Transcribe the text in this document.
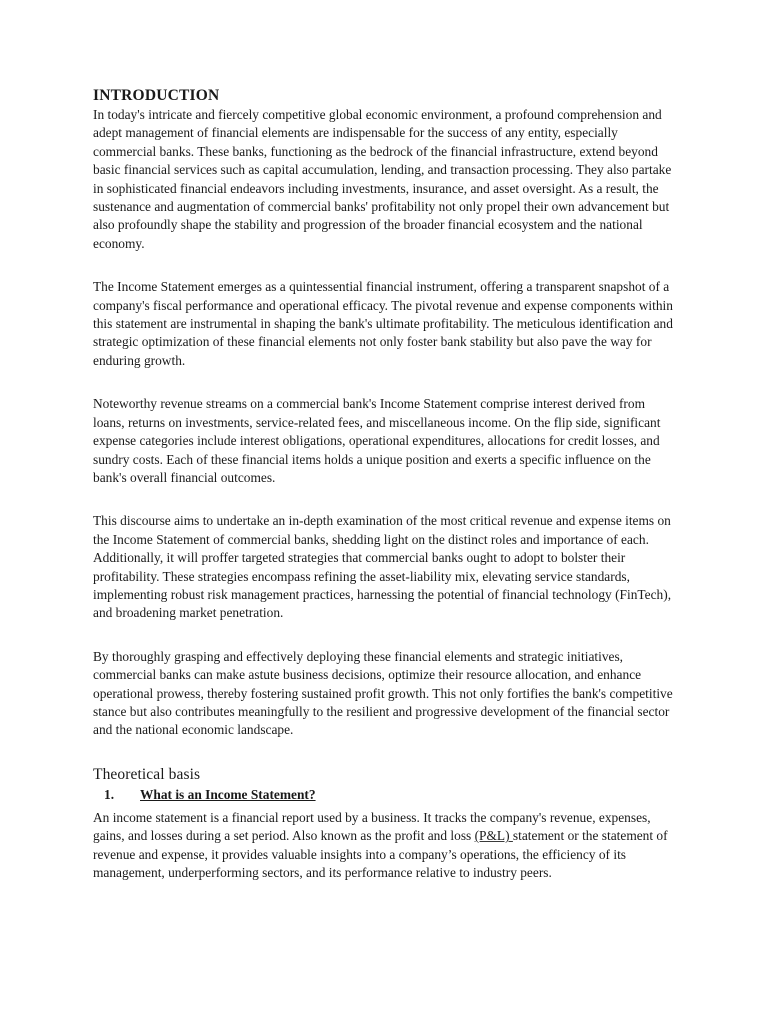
INTRODUCTION

In today's intricate and fiercely competitive global economic environment, a profound comprehension and adept management of financial elements are indispensable for the success of any entity, especially commercial banks. These banks, functioning as the bedrock of the financial infrastructure, extend beyond basic financial services such as capital accumulation, lending, and transaction processing. They also partake in sophisticated financial endeavors including investments, insurance, and asset oversight. As a result, the sustenance and augmentation of commercial banks' profitability not only propel their own advancement but also profoundly shape the stability and progression of the broader financial ecosystem and the national economy.

The Income Statement emerges as a quintessential financial instrument, offering a transparent snapshot of a company's fiscal performance and operational efficacy. The pivotal revenue and expense components within this statement are instrumental in shaping the bank's ultimate profitability. The meticulous identification and strategic optimization of these financial elements not only foster bank stability but also pave the way for enduring growth.

Noteworthy revenue streams on a commercial bank's Income Statement comprise interest derived from loans, returns on investments, service-related fees, and miscellaneous income. On the flip side, significant expense categories include interest obligations, operational expenditures, allocations for credit losses, and sundry costs. Each of these financial items holds a unique position and exerts a specific influence on the bank's overall financial outcomes.

This discourse aims to undertake an in-depth examination of the most critical revenue and expense items on the Income Statement of commercial banks, shedding light on the distinct roles and importance of each. Additionally, it will proffer targeted strategies that commercial banks ought to adopt to bolster their profitability. These strategies encompass refining the asset-liability mix, elevating service standards, implementing robust risk management practices, harnessing the potential of financial technology (FinTech), and broadening market penetration.

By thoroughly grasping and effectively deploying these financial elements and strategic initiatives, commercial banks can make astute business decisions, optimize their resource allocation, and enhance operational prowess, thereby fostering sustained profit growth. This not only fortifies the bank's competitive stance but also contributes meaningfully to the resilient and progressive development of the financial sector and the national economic landscape.

Theoretical basis
1.	What is an Income Statement?

An income statement is a financial report used by a business. It tracks the company's revenue, expenses, gains, and losses during a set period. Also known as the profit and loss (P&L) statement or the statement of revenue and expense, it provides valuable insights into a company’s operations, the efficiency of its management, underperforming sectors, and its performance relative to industry peers.
